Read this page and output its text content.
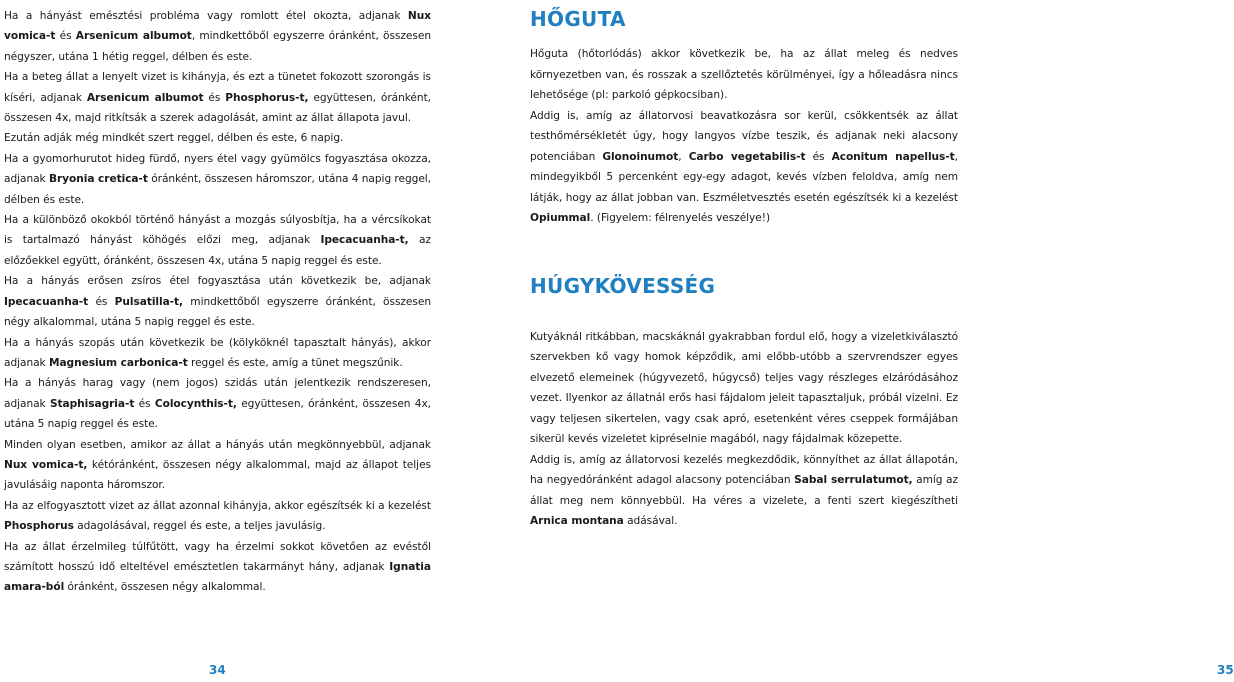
Ha a hányást emésztési probléma vagy romlott étel okozta, adjanak Nux vomica-t és Arsenicum albumot, mindkettőből egyszerre óránként, összesen négyszer, utána 1 hétig reggel, délben és este.

Ha a beteg állat a lenyelt vizet is kihányja, és ezt a tünetet fokozott szorongás is kíséri, adjanak Arsenicum albumot és Phosphorus-t, együttesen, óránként, összesen 4x, majd ritkítsák a szerek adagolását, amint az állat állapota javul.

Ezután adják még mindkét szert reggel, délben és este, 6 napig.

Ha a gyomorhurutot hideg fürdő, nyers étel vagy gyümölcs fogyasztása okozza, adjanak Bryonia cretica-t óránként, összesen háromszor, utána 4 napig reggel, délben és este.

Ha a különböző okokból történő hányást a mozgás súlyosbítja, ha a vércsíkokat is tartalmazó hányást köhögés előzi meg, adjanak Ipecacuanha-t, az előzőekkel együtt, óránként, összesen 4x, utána 5 napig reggel és este.

Ha a hányás erősen zsíros étel fogyasztása után következik be, adjanak Ipecacuanha-t és Pulsatilla-t, mindkettőből egyszerre óránként, összesen négy alkalommal, utána 5 napig reggel és este.

Ha a hányás szopás után következik be (kölyköknél tapasztalt hányás), akkor adjanak Magnesium carbonica-t reggel és este, amíg a tünet megszűnik.

Ha a hányás harag vagy (nem jogos) szidás után jelentkezik rendszeresen, adjanak Staphisagria-t és Colocynthis-t, együttesen, óránként, összesen 4x, utána 5 napig reggel és este.

Minden olyan esetben, amikor az állat a hányás után megkönnyebbül, adjanak Nux vomica-t, kétóránként, összesen négy alkalommal, majd az állapot teljes javulásáig naponta háromszor.

Ha az elfogyasztott vizet az állat azonnal kihányja, akkor egészítsék ki a kezelést Phosphorus adagolásával, reggel és este, a teljes javulásig.

Ha az állat érzelmileg túlfűtött, vagy ha érzelmi sokkot követően az evéstől számított hosszú idő elteltével emésztetlen takarmányt hány, adjanak Ignatia amara-ból óránként, összesen négy alkalommal.

34
HŐGUTA

Hőguta (hőtorlódás) akkor következik be, ha az állat meleg és nedves környezetben van, és rosszak a szellőztetés körülményei, így a hőleadásra nincs lehetősége (pl: parkoló gépkocsiban).

Addig is, amíg az állatorvosi beavatkozásra sor kerül, csökkentsék az állat testhőmérsékletét úgy, hogy langyos vízbe teszik, és adjanak neki alacsony potenciában Glonoinumot, Carbo vegetabilis-t és Aconitum napellus-t, mindegyikből 5 percenként egy-egy adagot, kevés vízben feloldva, amíg nem látják, hogy az állat jobban van. Eszméletvesztés esetén egészítsék ki a kezelést Opiummal. (Figyelem: félrenyelés veszélye!)

HÚGYKÖVESSÉG

Kutyáknál ritkábban, macskáknál gyakrabban fordul elő, hogy a vizeletkiválasztó szervekben kő vagy homok képződik, ami előbb-utóbb a szervrendszer egyes elvezető elemeinek (húgyvezető, húgycső) teljes vagy részleges elzáródásához vezet. Ilyenkor az állatnál erős hasi fájdalom jeleit tapasztaljuk, próbál vizelni. Ez vagy teljesen sikertelen, vagy csak apró, esetenként véres cseppek formájában sikerül kevés vizeletet kipréselnie magából, nagy fájdalmak közepette.

Addig is, amíg az állatorvosi kezelés megkezdődik, könnyíthet az állat állapotán, ha negyedóránként adagol alacsony potenciában Sabal serrulatumot, amíg az állat meg nem könnyebbül. Ha véres a vizelete, a fenti szert kiegészítheti Arnica montana adásával.

35
